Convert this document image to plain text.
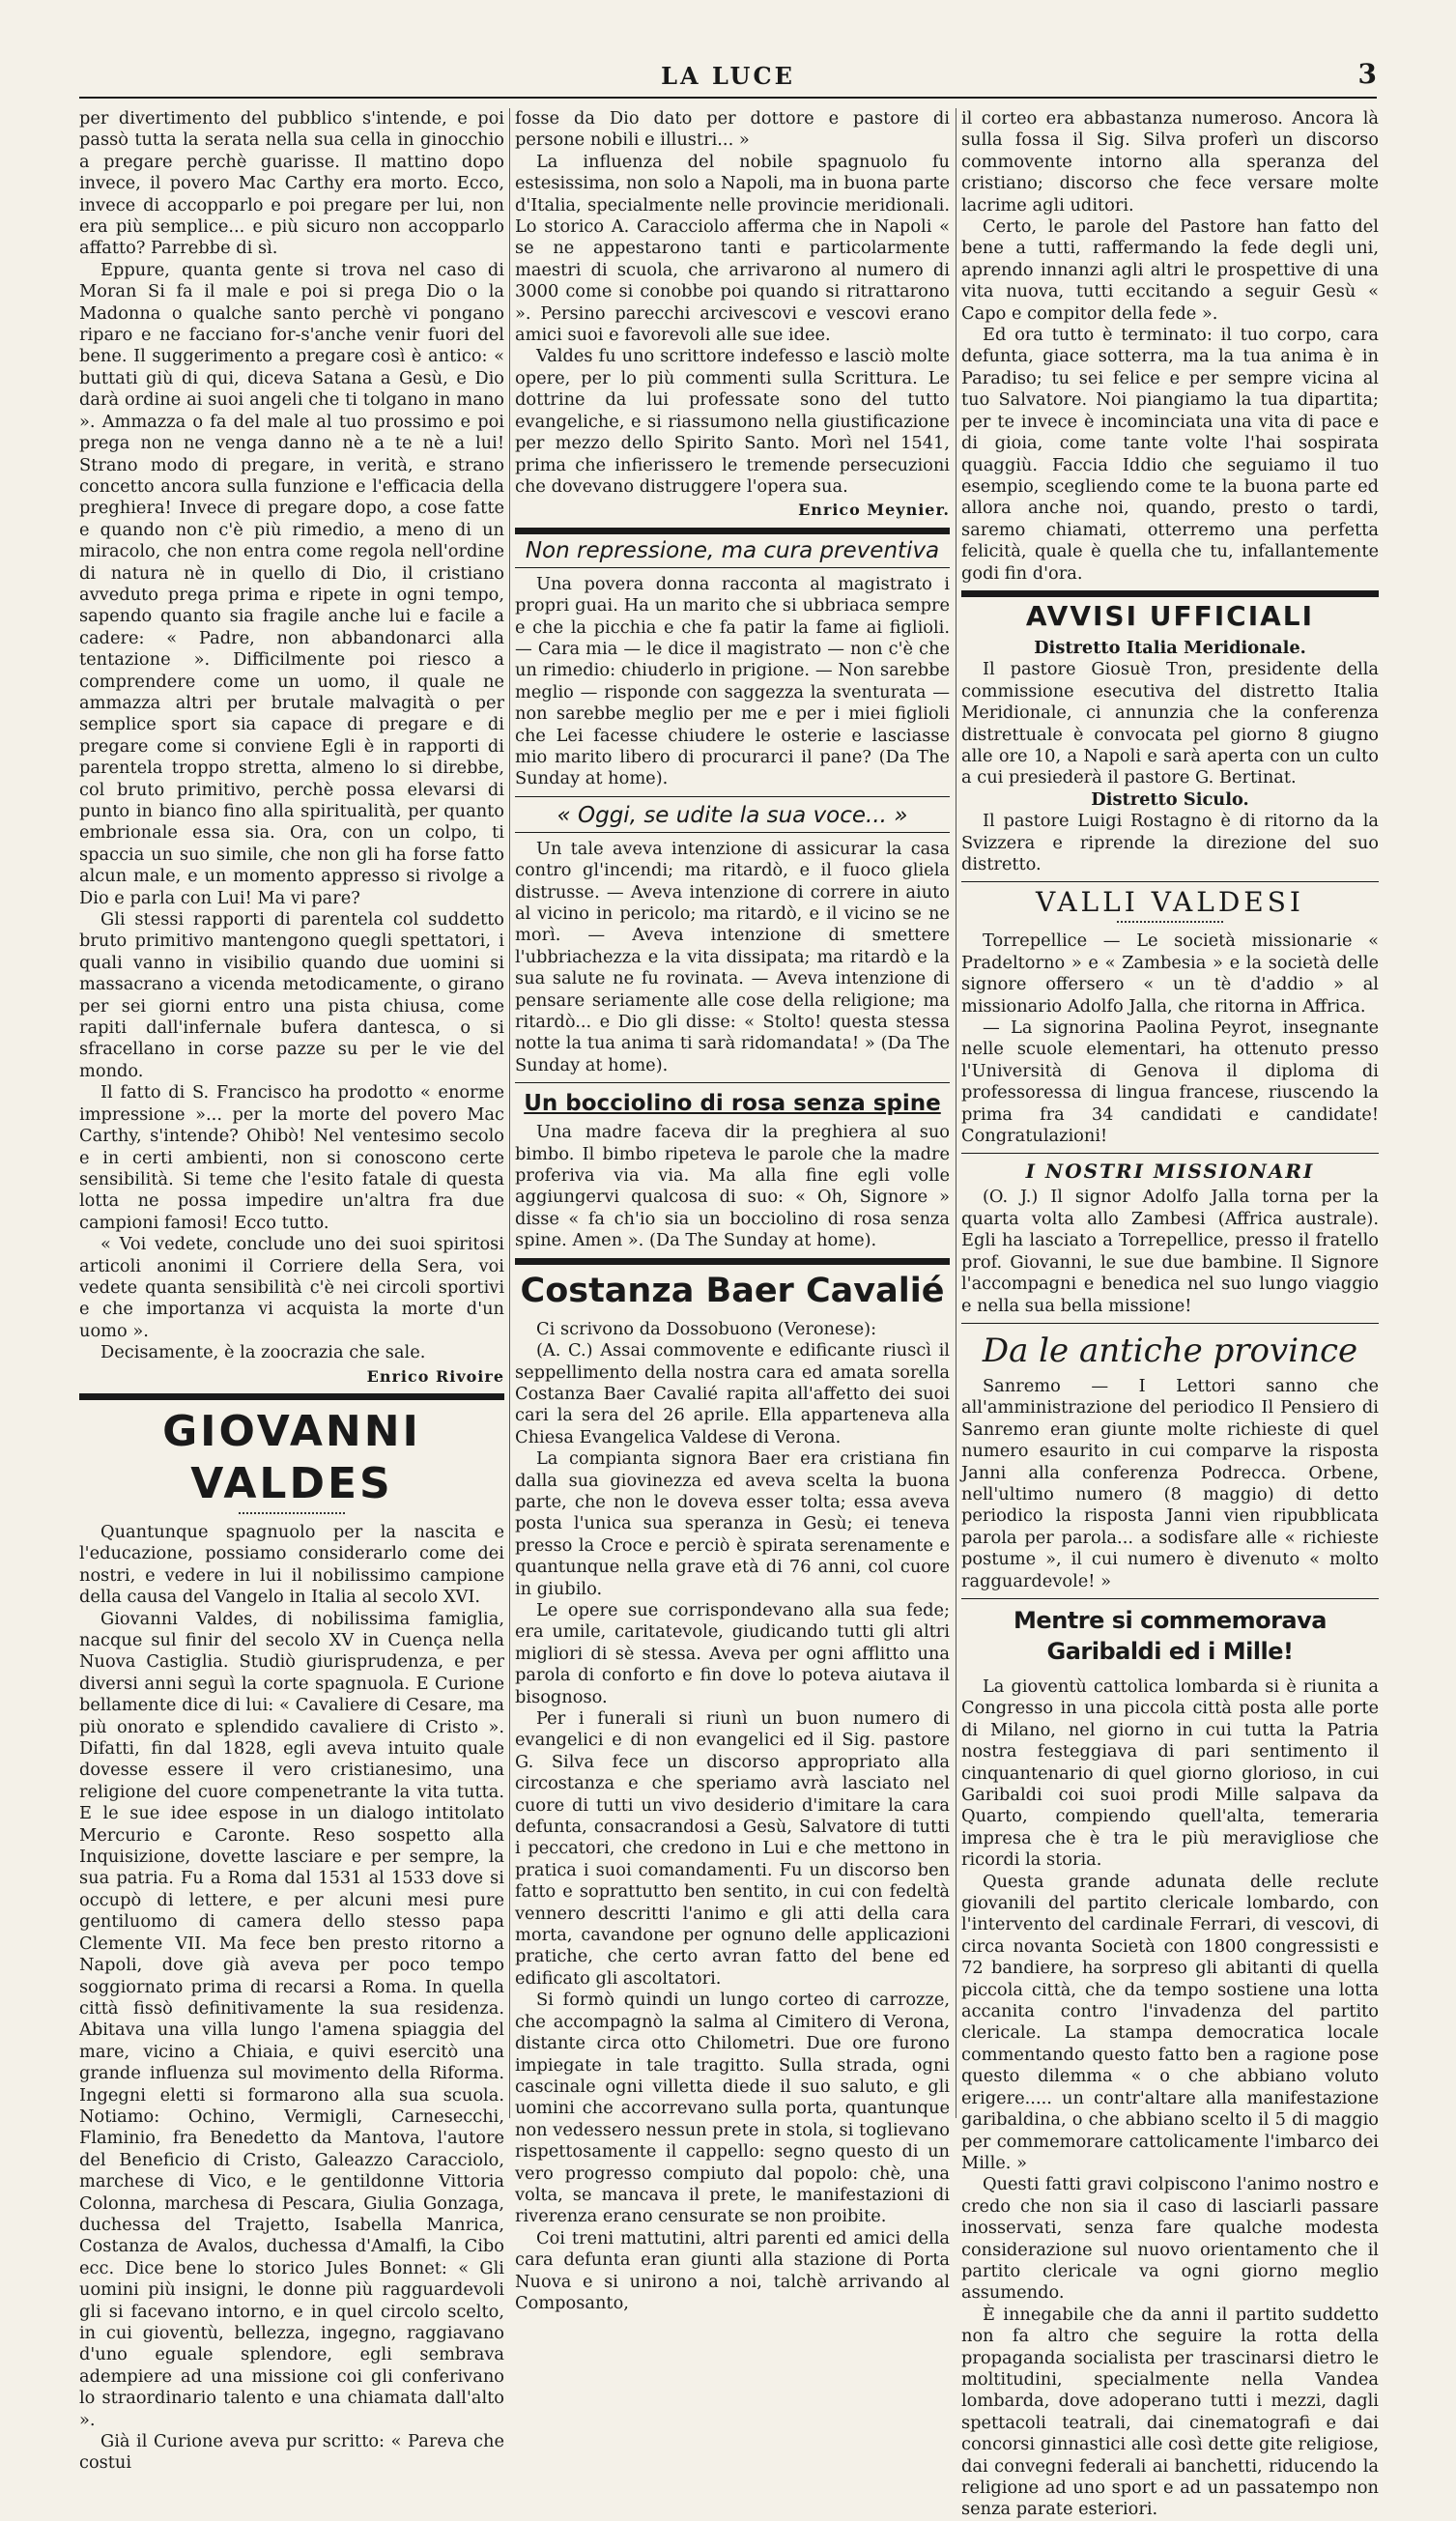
LA LUCE	3

per divertimento del pubblico s'intende, e poi passò tutta la serata nella sua cella in ginocchio a pregare perchè guarisse. Il mattino dopo invece, il povero Mac Carthy era morto. Ecco, invece di accopparlo e poi pregare per lui, non era più semplice... e più sicuro non accopparlo affatto? Parrebbe di sì.

Eppure, quanta gente si trova nel caso di Moran Si fa il male e poi si prega Dio o la Madonna o qualche santo perchè vi pongano riparo e ne facciano for-s'anche venir fuori del bene. Il suggerimento a pregare così è antico: « buttati giù di qui, diceva Satana a Gesù, e Dio darà ordine ai suoi angeli che ti tolgano in mano ». Ammazza o fa del male al tuo prossimo e poi prega non ne venga danno nè a te nè a lui! Strano modo di pregare, in verità, e strano concetto ancora sulla funzione e l'efficacia della preghiera! Invece di pregare dopo, a cose fatte e quando non c'è più rimedio, a meno di un miracolo, che non entra come regola nell'ordine di natura nè in quello di Dio, il cristiano avveduto prega prima e ripete in ogni tempo, sapendo quanto sia fragile anche lui e facile a cadere: « Padre, non abbandonarci alla tentazione ». Difficilmente poi riesco a comprendere come un uomo, il quale ne ammazza altri per brutale malvagità o per semplice sport sia capace di pregare e di pregare come si conviene Egli è in rapporti di parentela troppo stretta, almeno lo si direbbe, col bruto primitivo, perchè possa elevarsi di punto in bianco fino alla spiritualità, per quanto embrionale essa sia. Ora, con un colpo, ti spaccia un suo simile, che non gli ha forse fatto alcun male, e un momento appresso si rivolge a Dio e parla con Lui! Ma vi pare?

Gli stessi rapporti di parentela col suddetto bruto primitivo mantengono quegli spettatori, i quali vanno in visibilio quando due uomini si massacrano a vicenda metodicamente, o girano per sei giorni entro una pista chiusa, come rapiti dall'infernale bufera dantesca, o si sfracellano in corse pazze su per le vie del mondo.

Il fatto di S. Francisco ha prodotto « enorme impressione »... per la morte del povero Mac Carthy, s'intende? Ohibò! Nel ventesimo secolo e in certi ambienti, non si conoscono certe sensibilità. Si teme che l'esito fatale di questa lotta ne possa impedire un'altra fra due campioni famosi! Ecco tutto.

« Voi vedete, conclude uno dei suoi spiritosi articoli anonimi il Corriere della Sera, voi vedete quanta sensibilità c'è nei circoli sportivi e che importanza vi acquista la morte d'un uomo ».

Decisamente, è la zoocrazia che sale.

Enrico Rivoire

GIOVANNI VALDES

Quantunque spagnuolo per la nascita e l'educazione, possiamo considerarlo come dei nostri, e vedere in lui il nobilissimo campione della causa del Vangelo in Italia al secolo XVI.

Giovanni Valdes, di nobilissima famiglia, nacque sul finir del secolo XV in Cuença nella Nuova Castiglia. Studiò giurisprudenza, e per diversi anni seguì la corte spagnuola. E Curione bellamente dice di lui: « Cavaliere di Cesare, ma più onorato e splendido cavaliere di Cristo ». Difatti, fin dal 1828, egli aveva intuito quale dovesse essere il vero cristianesimo, una religione del cuore compenetrante la vita tutta. E le sue idee espose in un dialogo intitolato Mercurio e Caronte. Reso sospetto alla Inquisizione, dovette lasciare e per sempre, la sua patria. Fu a Roma dal 1531 al 1533 dove si occupò di lettere, e per alcuni mesi pure gentiluomo di camera dello stesso papa Clemente VII. Ma fece ben presto ritorno a Napoli, dove già aveva per poco tempo soggiornato prima di recarsi a Roma. In quella città fissò definitivamente la sua residenza. Abitava una villa lungo l'amena spiaggia del mare, vicino a Chiaia, e quivi esercitò una grande influenza sul movimento della Riforma. Ingegni eletti si formarono alla sua scuola. Notiamo: Ochino, Vermigli, Carnesecchi, Flaminio, fra Benedetto da Mantova, l'autore del Beneficio di Cristo, Galeazzo Caracciolo, marchese di Vico, e le gentildonne Vittoria Colonna, marchesa di Pescara, Giulia Gonzaga, duchessa del Trajetto, Isabella Manrica, Costanza de Avalos, duchessa d'Amalfi, la Cibo ecc. Dice bene lo storico Jules Bonnet: « Gli uomini più insigni, le donne più ragguardevoli gli si facevano intorno, e in quel circolo scelto, in cui gioventù, bellezza, ingegno, raggiavano d'uno eguale splendore, egli sembrava adempiere ad una missione coi gli conferivano lo straordinario talento e una chiamata dall'alto ».

Già il Curione aveva pur scritto: « Pareva che costui

fosse da Dio dato per dottore e pastore di persone nobili e illustri... »

La influenza del nobile spagnuolo fu estesissima, non solo a Napoli, ma in buona parte d'Italia, specialmente nelle provincie meridionali. Lo storico A. Caracciolo afferma che in Napoli « se ne appestarono tanti e particolarmente maestri di scuola, che arrivarono al numero di 3000 come si conobbe poi quando si ritrattarono ». Persino parecchi arcivescovi e vescovi erano amici suoi e favorevoli alle sue idee.

Valdes fu uno scrittore indefesso e lasciò molte opere, per lo più commenti sulla Scrittura. Le dottrine da lui professate sono del tutto evangeliche, e si riassumono nella giustificazione per mezzo dello Spirito Santo. Morì nel 1541, prima che infierissero le tremende persecuzioni che dovevano distruggere l'opera sua.

Enrico Meynier.

Non repressione, ma cura preventiva

Una povera donna racconta al magistrato i propri guai. Ha un marito che si ubbriaca sempre e che la picchia e che fa patir la fame ai figlioli. — Cara mia — le dice il magistrato — non c'è che un rimedio: chiuderlo in prigione. — Non sarebbe meglio — risponde con saggezza la sventurata — non sarebbe meglio per me e per i miei figlioli che Lei facesse chiudere le osterie e lasciasse mio marito libero di procurarci il pane? (Da The Sunday at home).

« Oggi, se udite la sua voce... »

Un tale aveva intenzione di assicurar la casa contro gl'incendi; ma ritardò, e il fuoco gliela distrusse. — Aveva intenzione di correre in aiuto al vicino in pericolo; ma ritardò, e il vicino se ne morì. — Aveva intenzione di smettere l'ubbriachezza e la vita dissipata; ma ritardò e la sua salute ne fu rovinata. — Aveva intenzione di pensare seriamente alle cose della religione; ma ritardò... e Dio gli disse: « Stolto! questa stessa notte la tua anima ti sarà ridomandata! » (Da The Sunday at home).

Un bocciolino di rosa senza spine

Una madre faceva dir la preghiera al suo bimbo. Il bimbo ripeteva le parole che la madre proferiva via via. Ma alla fine egli volle aggiungervi qualcosa di suo: « Oh, Signore » disse « fa ch'io sia un bocciolino di rosa senza spine. Amen ». (Da The Sunday at home).

Costanza Baer Cavalié

Ci scrivono da Dossobuono (Veronese):

(A. C.) Assai commovente e edificante riuscì il seppellimento della nostra cara ed amata sorella Costanza Baer Cavalié rapita all'affetto dei suoi cari la sera del 26 aprile. Ella apparteneva alla Chiesa Evangelica Valdese di Verona.

La compianta signora Baer era cristiana fin dalla sua giovinezza ed aveva scelta la buona parte, che non le doveva esser tolta; essa aveva posta l'unica sua speranza in Gesù; ei teneva presso la Croce e perciò è spirata serenamente e quantunque nella grave età di 76 anni, col cuore in giubilo.

Le opere sue corrispondevano alla sua fede; era umile, caritatevole, giudicando tutti gli altri migliori di sè stessa. Aveva per ogni afflitto una parola di conforto e fin dove lo poteva aiutava il bisognoso.

Per i funerali si riunì un buon numero di evangelici e di non evangelici ed il Sig. pastore G. Silva fece un discorso appropriato alla circostanza e che speriamo avrà lasciato nel cuore di tutti un vivo desiderio d'imitare la cara defunta, consacrandosi a Gesù, Salvatore di tutti i peccatori, che credono in Lui e che mettono in pratica i suoi comandamenti. Fu un discorso ben fatto e soprattutto ben sentito, in cui con fedeltà vennero descritti l'animo e gli atti della cara morta, cavandone per ognuno delle applicazioni pratiche, che certo avran fatto del bene ed edificato gli ascoltatori.

Si formò quindi un lungo corteo di carrozze, che accompagnò la salma al Cimitero di Verona, distante circa otto Chilometri. Due ore furono impiegate in tale tragitto. Sulla strada, ogni cascinale ogni villetta diede il suo saluto, e gli uomini che accorrevano sulla porta, quantunque non vedessero nessun prete in stola, si toglievano rispettosamente il cappello: segno questo di un vero progresso compiuto dal popolo: chè, una volta, se mancava il prete, le manifestazioni di riverenza erano censurate se non proibite.

Coi treni mattutini, altri parenti ed amici della cara defunta eran giunti alla stazione di Porta Nuova e si unirono a noi, talchè arrivando al Composanto,

il corteo era abbastanza numeroso. Ancora là sulla fossa il Sig. Silva proferì un discorso commovente intorno alla speranza del cristiano; discorso che fece versare molte lacrime agli uditori.

Certo, le parole del Pastore han fatto del bene a tutti, raffermando la fede degli uni, aprendo innanzi agli altri le prospettive di una vita nuova, tutti eccitando a seguir Gesù « Capo e compitor della fede ».

Ed ora tutto è terminato: il tuo corpo, cara defunta, giace sotterra, ma la tua anima è in Paradiso; tu sei felice e per sempre vicina al tuo Salvatore. Noi piangiamo la tua dipartita; per te invece è incominciata una vita di pace e di gioia, come tante volte l'hai sospirata quaggiù. Faccia Iddio che seguiamo il tuo esempio, scegliendo come te la buona parte ed allora anche noi, quando, presto o tardi, saremo chiamati, otterremo una perfetta felicità, quale è quella che tu, infallantemente godi fin d'ora.

AVVISI UFFICIALI

Distretto Italia Meridionale.

Il pastore Giosuè Tron, presidente della commissione esecutiva del distretto Italia Meridionale, ci annunzia che la conferenza distrettuale è convocata pel giorno 8 giugno alle ore 10, a Napoli e sarà aperta con un culto a cui presiederà il pastore G. Bertinat.

Distretto Siculo.

Il pastore Luigi Rostagno è di ritorno da la Svizzera e riprende la direzione del suo distretto.

VALLI VALDESI

Torrepellice — Le società missionarie « Pradeltorno » e « Zambesia » e la società delle signore offersero « un tè d'addio » al missionario Adolfo Jalla, che ritorna in Affrica.

— La signorina Paolina Peyrot, insegnante nelle scuole elementari, ha ottenuto presso l'Università di Genova il diploma di professoressa di lingua francese, riuscendo la prima fra 34 candidati e candidate! Congratulazioni!

I NOSTRI MISSIONARI

(O. J.) Il signor Adolfo Jalla torna per la quarta volta allo Zambesi (Affrica australe). Egli ha lasciato a Torrepellice, presso il fratello prof. Giovanni, le sue due bambine. Il Signore l'accompagni e benedica nel suo lungo viaggio e nella sua bella missione!

Da le antiche province

Sanremo — I Lettori sanno che all'amministrazione del periodico Il Pensiero di Sanremo eran giunte molte richieste di quel numero esaurito in cui comparve la risposta Janni alla conferenza Podrecca. Orbene, nell'ultimo numero (8 maggio) di detto periodico la risposta Janni vien ripubblicata parola per parola... a sodisfare alle « richieste postume », il cui numero è divenuto « molto ragguardevole! »

Mentre si commemorava Garibaldi ed i Mille!

La gioventù cattolica lombarda si è riunita a Congresso in una piccola città posta alle porte di Milano, nel giorno in cui tutta la Patria nostra festeggiava di pari sentimento il cinquantenario di quel giorno glorioso, in cui Garibaldi coi suoi prodi Mille salpava da Quarto, compiendo quell'alta, temeraria impresa che è tra le più meravigliose che ricordi la storia.

Questa grande adunata delle reclute giovanili del partito clericale lombardo, con l'intervento del cardinale Ferrari, di vescovi, di circa novanta Società con 1800 congressisti e 72 bandiere, ha sorpreso gli abitanti di quella piccola città, che da tempo sostiene una lotta accanita contro l'invadenza del partito clericale. La stampa democratica locale commentando questo fatto ben a ragione pose questo dilemma « o che abbiano voluto erigere..... un contr'altare alla manifestazione garibaldina, o che abbiano scelto il 5 di maggio per commemorare cattolicamente l'imbarco dei Mille. »

Questi fatti gravi colpiscono l'animo nostro e credo che non sia il caso di lasciarli passare inosservati, senza fare qualche modesta considerazione sul nuovo orientamento che il partito clericale va ogni giorno meglio assumendo.

È innegabile che da anni il partito suddetto non fa altro che seguire la rotta della propaganda socialista per trascinarsi dietro le moltitudini, specialmente nella Vandea lombarda, dove adoperano tutti i mezzi, dagli spettacoli teatrali, dai cinematografi e dai concorsi ginnastici alle così dette gite religiose, dai convegni federali ai banchetti, riducendo la religione ad uno sport e ad un passatempo non senza parate esteriori.
